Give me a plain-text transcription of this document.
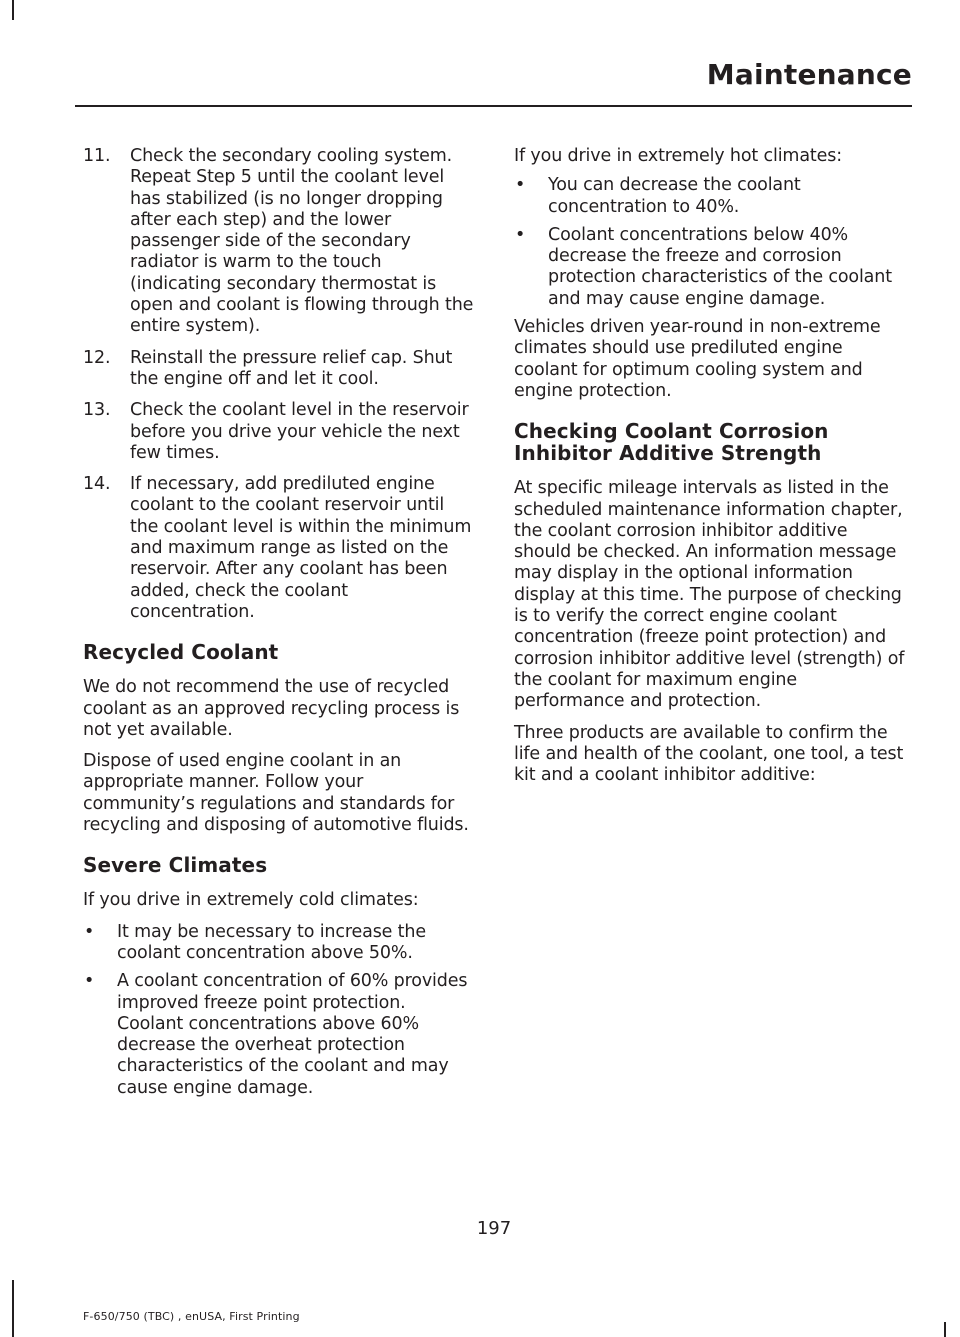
Maintenance
11. Check the secondary cooling system. Repeat Step 5 until the coolant level has stabilized (is no longer dropping after each step) and the lower passenger side of the secondary radiator is warm to the touch (indicating secondary thermostat is open and coolant is flowing through the entire system).
12. Reinstall the pressure relief cap. Shut the engine off and let it cool.
13. Check the coolant level in the reservoir before you drive your vehicle the next few times.
14. If necessary, add prediluted engine coolant to the coolant reservoir until the coolant level is within the minimum and maximum range as listed on the reservoir. After any coolant has been added, check the coolant concentration.
Recycled Coolant

We do not recommend the use of recycled coolant as an approved recycling process is not yet available.

Dispose of used engine coolant in an appropriate manner. Follow your community’s regulations and standards for recycling and disposing of automotive fluids.

Severe Climates

If you drive in extremely cold climates:

• It may be necessary to increase the coolant concentration above 50%.
• A coolant concentration of 60% provides improved freeze point protection. Coolant concentrations above 60% decrease the overheat protection characteristics of the coolant and may cause engine damage.

If you drive in extremely hot climates:

• You can decrease the coolant concentration to 40%.
• Coolant concentrations below 40% decrease the freeze and corrosion protection characteristics of the coolant and may cause engine damage.

Vehicles driven year-round in non-extreme climates should use prediluted engine coolant for optimum cooling system and engine protection.

Checking Coolant Corrosion Inhibitor Additive Strength

At specific mileage intervals as listed in the scheduled maintenance information chapter, the coolant corrosion inhibitor additive should be checked. An information message may display in the optional information display at this time. The purpose of checking is to verify the correct engine coolant concentration (freeze point protection) and corrosion inhibitor additive level (strength) of the coolant for maximum engine performance and protection.

Three products are available to confirm the life and health of the coolant, one tool, a test kit and a coolant inhibitor additive:

197
F-650/750 (TBC) , enUSA, First Printing
